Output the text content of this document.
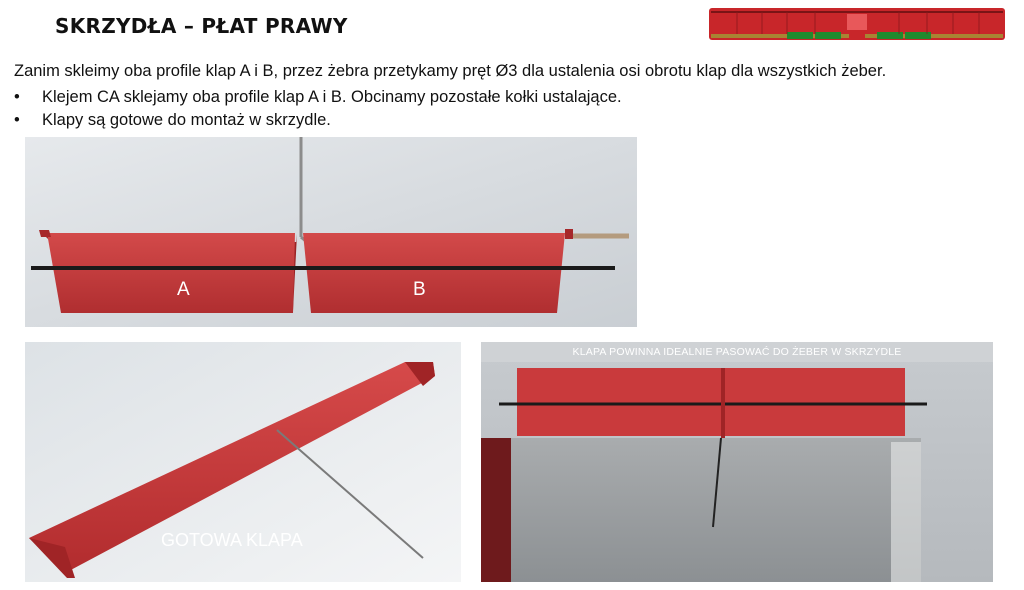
SKRZYDŁA – PŁAT PRAWY
Zanim skleimy oba profile klap A i B, przez żebra przetykamy pręt Ø3 dla ustalenia osi obrotu klap dla wszystkich żeber.
• Klejem CA sklejamy oba profile klap A i B. Obcinamy pozostałe kołki ustalające.
• Klapy są gotowe do montaż w skrzydle.
A	B
GOTOWA KLAPA
KLAPA POWINNA IDEALNIE PASOWAĆ DO ŻEBER W SKRZYDLE
